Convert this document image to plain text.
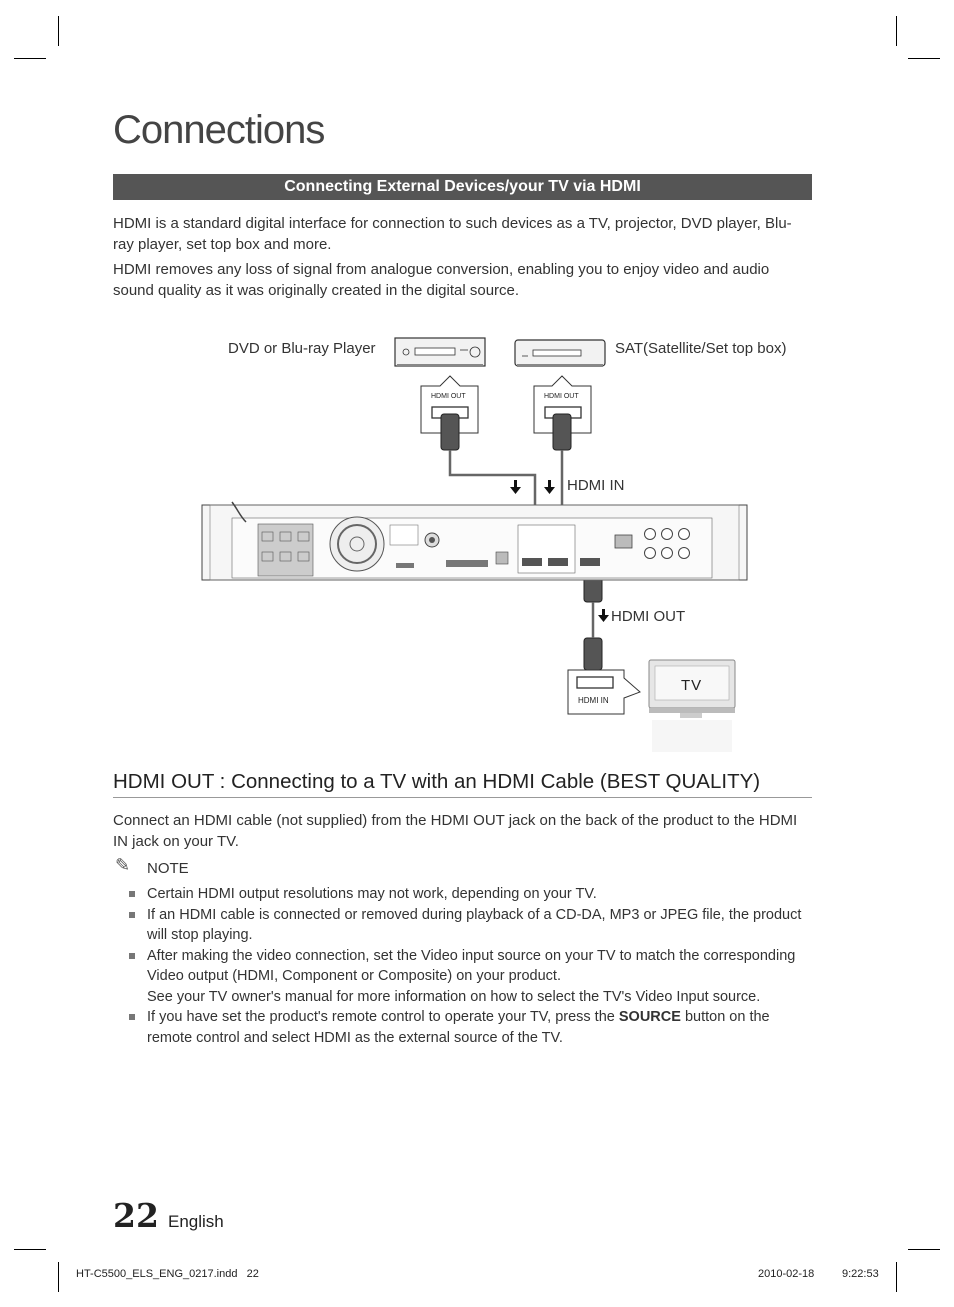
Connections
Connecting External Devices/your TV via HDMI

HDMI is a standard digital interface for connection to such devices as a TV, projector, DVD player, Blu-ray player, set top box and more.

HDMI removes any loss of signal from analogue conversion, enabling you to enjoy video and audio sound quality as it was originally created in the digital source.

DVD or Blu-ray Player	SAT(Satellite/Set top box)
HDMI IN
HDMI OUT
HDMI OUT	HDMI OUT
HDMI IN
TV
HDMI OUT : Connecting to a TV with an HDMI Cable (BEST QUALITY)

Connect an HDMI cable (not supplied) from the HDMI OUT jack on the back of the product to the HDMI IN jack on your TV.

✎ NOTE
Certain HDMI output resolutions may not work, depending on your TV.
If an HDMI cable is connected or removed during playback of a CD-DA, MP3 or JPEG file, the product will stop playing.
After making the video connection, set the Video input source on your TV to match the corresponding Video output (HDMI, Component or Composite) on your product.
See your TV owner's manual for more information on how to select the TV's Video Input source.
If you have set the product's remote control to operate your TV, press the SOURCE button on the remote control and select HDMI as the external source of the TV.
22 English
HT-C5500_ELS_ENG_0217.indd   22	2010-02-18	9:22:53
